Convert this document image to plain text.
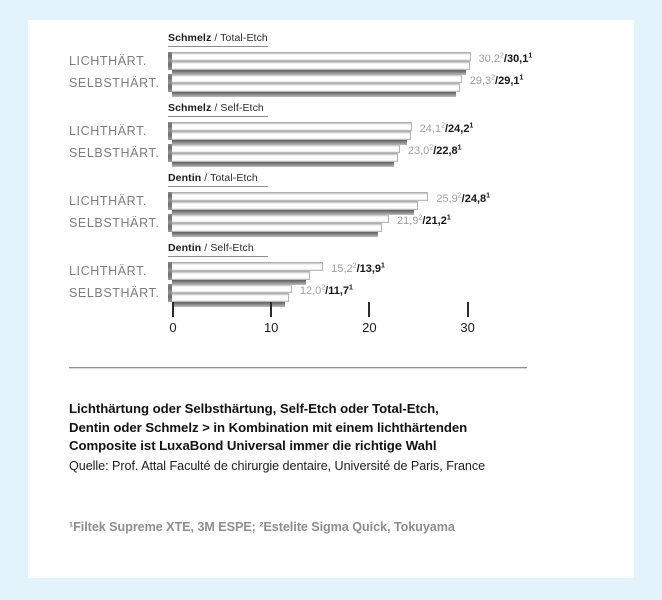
Schmelz / Total-Etch
LICHTHÄRT.	30,2$^2$/30,1$^1$
SELBSTHÄRT.	29,3$^2$/29,1$^1$
Schmelz / Self-Etch
LICHTHÄRT.	24,1$^2$/24,2$^1$
SELBSTHÄRT.	23,0$^2$/22,8$^1$
Dentin / Total-Etch
LICHTHÄRT.	25,9$^2$/24,8$^1$
SELBSTHÄRT.	21,9$^2$/21,2$^1$
Dentin / Self-Etch
LICHTHÄRT.	15,2$^2$/13,9$^1$
SELBSTHÄRT.	12,0$^2$/11,7$^1$
0	10	20	30
Lichthärtung oder Selbsthärtung, Self-Etch oder Total-Etch,
Dentin oder Schmelz > in Kombination mit einem lichthärtenden
Composite ist LuxaBond Universal immer die richtige Wahl
Quelle: Prof. Attal Faculté de chirurgie dentaire, Université de Paris, France
¹Filtek Supreme XTE, 3M ESPE; ²Estelite Sigma Quick, Tokuyama
